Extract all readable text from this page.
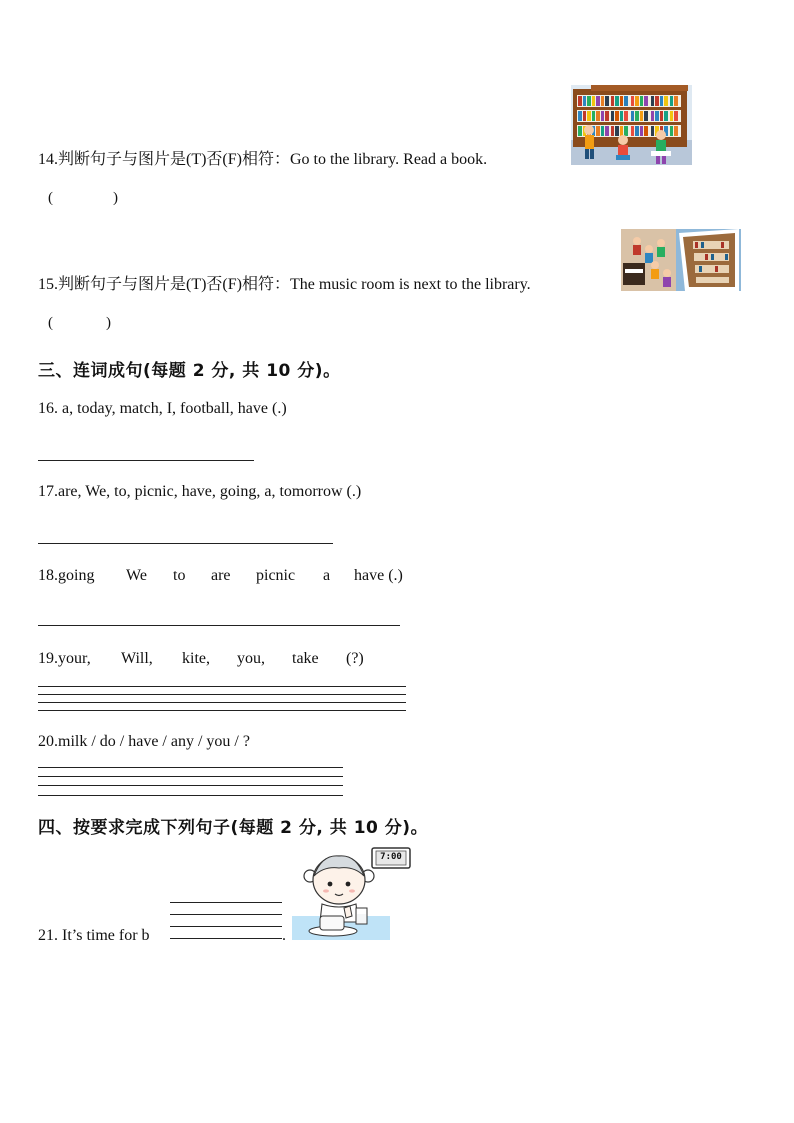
14.判断句子与图片是(T)否(F)相符：Go to the library. Read a book.
(	)
15.判断句子与图片是(T)否(F)相符：The music room is next to the library.
(	)
三、连词成句(每题 2 分, 共 10 分)。
16. a, today, match, I, football, have (.)
17.are, We, to, picnic, have, going, a, tomorrow (.)
18.going We to are picnic a have (.)
19.your, Will, kite, you, take (?)
20.milk / do / have / any / you / ?
四、按要求完成下列句子(每题 2 分, 共 10 分)。
21. It’s time for b	.
7:00
